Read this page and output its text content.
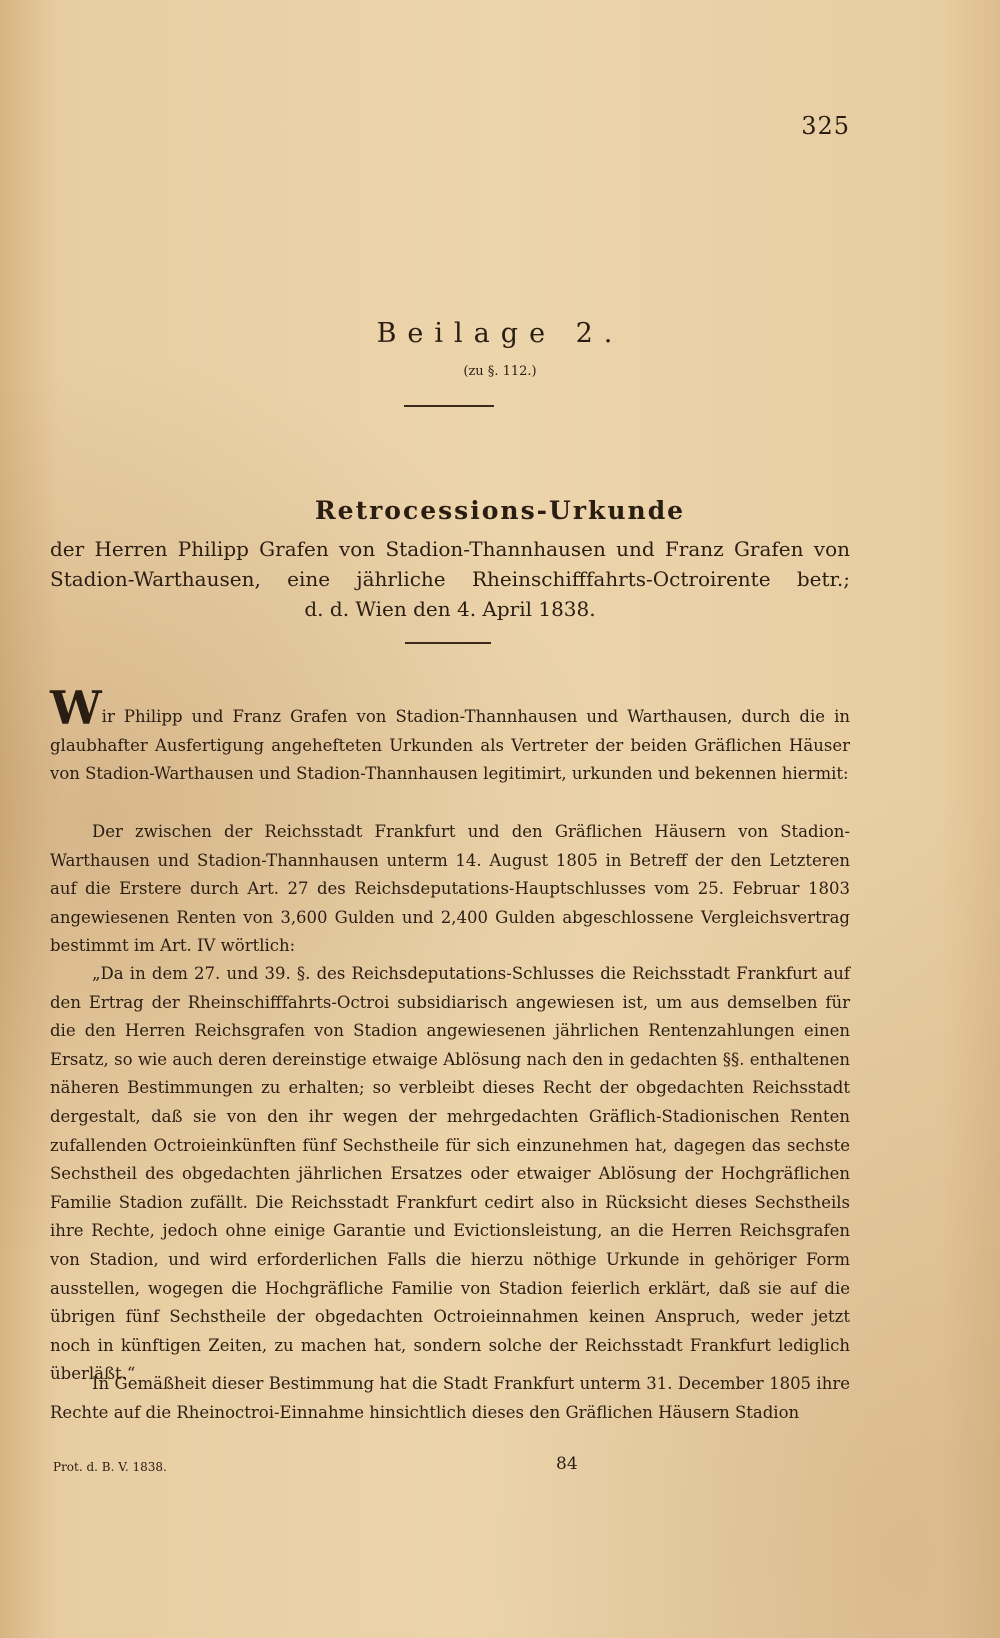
325
Beilage 2.
(zu §. 112.)
Retrocessions-Urkunde
der Herren Philipp Grafen von Stadion-Thannhausen und Franz Grafen von
Stadion-Warthausen, eine jährliche Rheinschifffahrts-Octroirente betr.;
d. d. Wien den 4. April 1838.
Wir Philipp und Franz Grafen von Stadion-Thannhausen und Warthausen, durch die in glaubhafter Ausfertigung angehefteten Urkunden als Vertreter der beiden Gräflichen Häuser von Stadion-Warthausen und Stadion-Thannhausen legitimirt, urkunden und bekennen hiermit:
Der zwischen der Reichsstadt Frankfurt und den Gräflichen Häusern von Stadion-Warthausen und Stadion-Thannhausen unterm 14. August 1805 in Betreff der den Letzteren auf die Erstere durch Art. 27 des Reichsdeputations-Hauptschlusses vom 25. Februar 1803 angewiesenen Renten von 3,600 Gulden und 2,400 Gulden abgeschlossene Vergleichsvertrag bestimmt im Art. IV wörtlich:
„Da in dem 27. und 39. §. des Reichsdeputations-Schlusses die Reichsstadt Frankfurt auf den Ertrag der Rheinschifffahrts-Octroi subsidiarisch angewiesen ist, um aus demselben für die den Herren Reichsgrafen von Stadion angewiesenen jährlichen Rentenzahlungen einen Ersatz, so wie auch deren dereinstige etwaige Ablösung nach den in gedachten §§. enthaltenen näheren Bestimmungen zu erhalten; so verbleibt dieses Recht der obgedachten Reichsstadt dergestalt, daß sie von den ihr wegen der mehrgedachten Gräflich-Stadionischen Renten zufallenden Octroieinkünften fünf Sechstheile für sich einzunehmen hat, dagegen das sechste Sechstheil des obgedachten jährlichen Ersatzes oder etwaiger Ablösung der Hochgräflichen Familie Stadion zufällt. Die Reichsstadt Frankfurt cedirt also in Rücksicht dieses Sechstheils ihre Rechte, jedoch ohne einige Garantie und Evictionsleistung, an die Herren Reichsgrafen von Stadion, und wird erforderlichen Falls die hierzu nöthige Urkunde in gehöriger Form ausstellen, wogegen die Hochgräfliche Familie von Stadion feierlich erklärt, daß sie auf die übrigen fünf Sechstheile der obgedachten Octroieinnahmen keinen Anspruch, weder jetzt noch in künftigen Zeiten, zu machen hat, sondern solche der Reichsstadt Frankfurt lediglich überläßt.“
In Gemäßheit dieser Bestimmung hat die Stadt Frankfurt unterm 31. December 1805 ihre Rechte auf die Rheinoctroi-Einnahme hinsichtlich dieses den Gräflichen Häusern Stadion
Prot. d. B. V. 1838.	84
